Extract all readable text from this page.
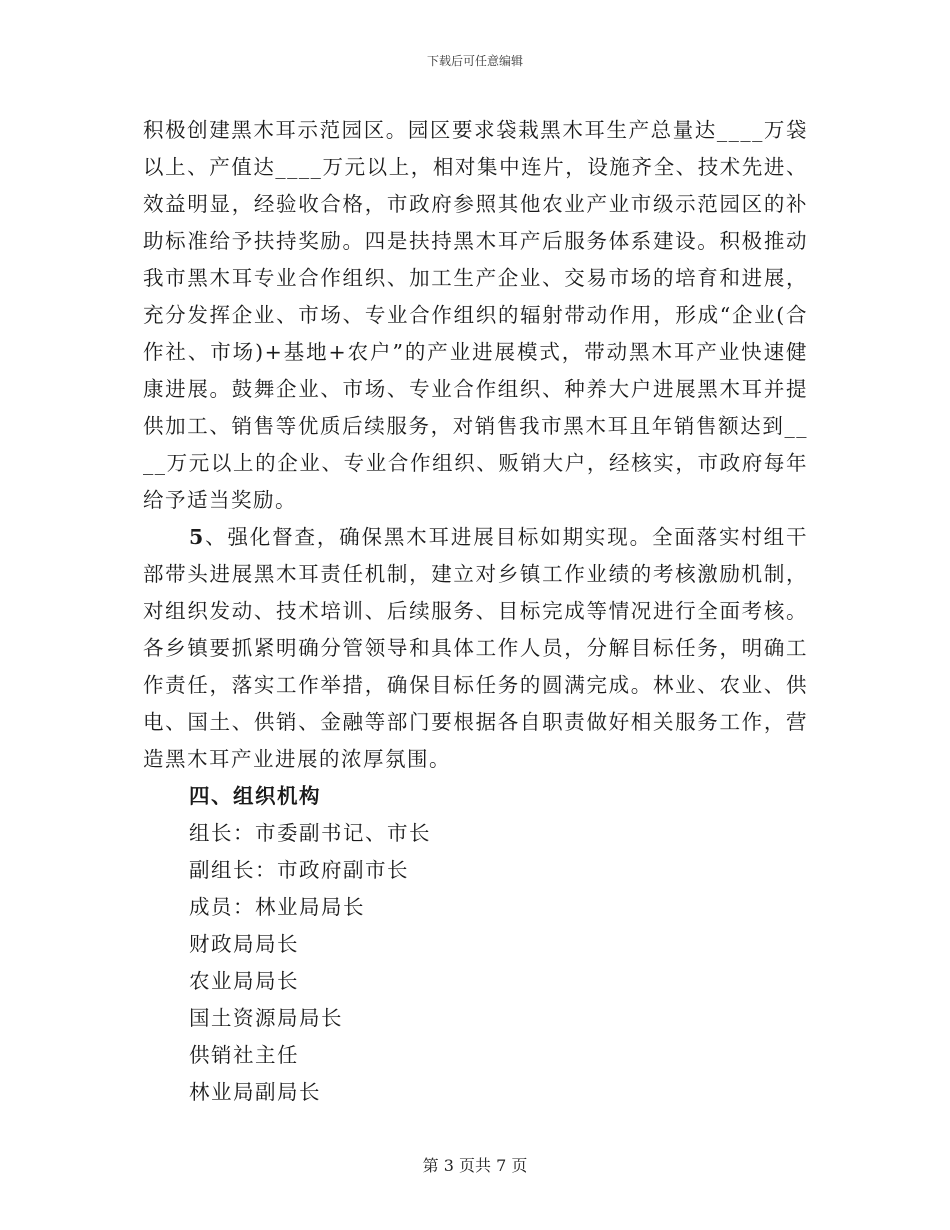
下载后可任意编辑

积极创建黑木耳示范园区。园区要求袋栽黑木耳生产总量达____万袋以上、产值达____万元以上，相对集中连片，设施齐全、技术先进、效益明显，经验收合格，市政府参照其他农业产业市级示范园区的补助标准给予扶持奖励。四是扶持黑木耳产后服务体系建设。积极推动我市黑木耳专业合作组织、加工生产企业、交易市场的培育和进展，充分发挥企业、市场、专业合作组织的辐射带动作用，形成“企业(合作社、市场)+基地+农户”的产业进展模式，带动黑木耳产业快速健康进展。鼓舞企业、市场、专业合作组织、种养大户进展黑木耳并提供加工、销售等优质后续服务，对销售我市黑木耳且年销售额达到____万元以上的企业、专业合作组织、贩销大户，经核实，市政府每年给予适当奖励。

5、强化督查，确保黑木耳进展目标如期实现。全面落实村组干部带头进展黑木耳责任机制，建立对乡镇工作业绩的考核激励机制，对组织发动、技术培训、后续服务、目标完成等情况进行全面考核。各乡镇要抓紧明确分管领导和具体工作人员，分解目标任务，明确工作责任，落实工作举措，确保目标任务的圆满完成。林业、农业、供电、国土、供销、金融等部门要根据各自职责做好相关服务工作，营造黑木耳产业进展的浓厚氛围。

四、组织机构

组长：市委副书记、市长

副组长：市政府副市长

成员：林业局局长

财政局局长

农业局局长

国土资源局局长

供销社主任

林业局副局长

第 3 页共 7 页
